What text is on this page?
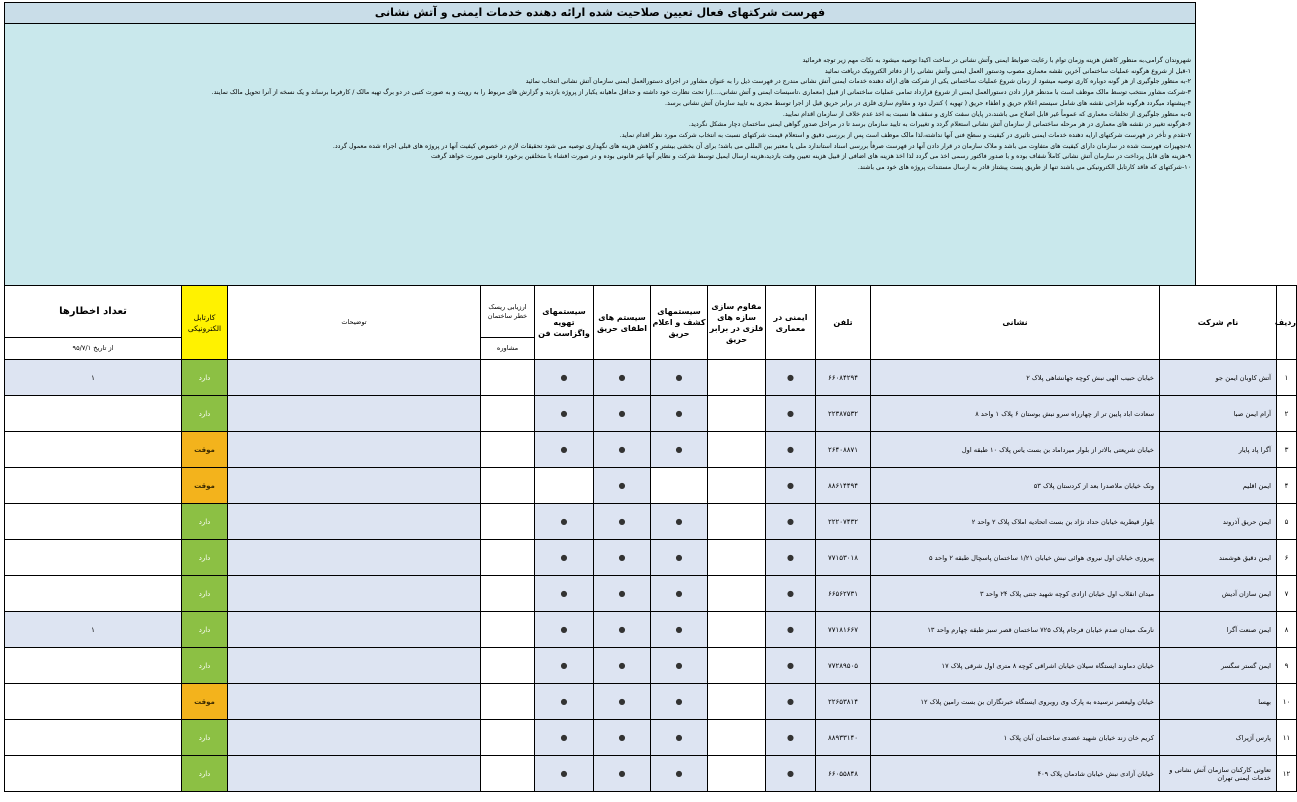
فهرست شرکتهای فعال تعیین صلاحیت شده ارائه دهنده خدمات ایمنی و آتش نشانی
شهروندان گرامی،به منظور کاهش هزینه وزمان توام با رعایت ضوابط ایمنی وآتش نشانی در ساخت اکیدا توصیه میشود به نکات مهم زیر توجه فرمائید
۱-قبل از شروع هرگونه عملیات ساختمانی آخرین نقشه معماری مصوب ودستور العمل ایمنی وآتش نشانی را از دفاتر الکترونیک دریافت نمائید
۲-به منظور جلوگیری از هر گونه دوباره کاری توصیه میشود از زمان شروع عملیات ساختمانی یکی از شرکت های ارائه دهنده خدمات ایمنی آتش نشانی مندرج در فهرست ذیل را به عنوان مشاور در اجرای دستورالعمل ایمنی سازمان آتش نشانی انتخاب نمائید
۳-شرکت مشاور منتخب توسط مالک موظف است با مدنظر قرار دادن دستورالعمل ایمنی از شروع قرارداد تمامی عملیات ساختمانی از قبیل (معماری ،تاسیسات ایمنی و آتش نشانی،...)را تحت نظارت خود داشته و حداقل ماهیانه یکبار از پروژه بازدید و گزارش های مربوط را به رویت و به صورت کتبی در دو برگ تهیه مالک / کارفرما برساند و یک نسخه از آنرا تحویل مالک نمایند.
۴-پیشنهاد میگردد هرگونه طراحی نقشه های شامل سیستم اعلام حریق و اطفاء حریق ( تهویه ) کنترل دود و مقاوم سازی فلزی در برابر حریق قبل از اجرا توسط مجری به تایید سازمان آتش نشانی برسد.
۵-به منظور جلوگیری از تخلفات معماری که عموماً غیر قابل اصلاح می باشند،در پایان سفت کاری و سقف ها نسبت به اخذ عدم خلاف از سازمان اقدام نمایید.
۶-هرگونه تغییر در نقشه های معماری در هر مرحله ساختمانی از سازمان آتش نشانی استعلام گردد و تغییرات به تایید سازمان برسد تا در مراحل صدور گواهی ایمنی ساختمان دچار مشکل نگردید.
۷-تقدم و تأخر در فهرست شرکتهای ارایه دهنده خدمات ایمنی تاثیری در کیفیت و سطح فنی آنها نداشته،لذا مالک موظف است پس از بررسی دقیق و استعلام قیمت شرکتهای نسبت به انتخاب شرکت مورد نظر اقدام نماید.
۸-تجهیزات فهرست شده در سازمان دارای کیفیت های متفاوت می باشد و ملاک سازمان در قرار دادن آنها در فهرست صرفاً بررسی اسناد استاندارد ملی یا معتبر بین المللی می باشد؛ برای آن بخشی بیشتر و کاهش هزینه های نگهداری توصیه می شود تحقیقات لازم در خصوص کیفیت آنها در پروژه های قبلی اجراء شده معمول گردد.
۹-هزینه های قابل پرداخت در سازمان آتش نشانی کاملاً شفاف بوده و با صدور فاکتور رسمی اخذ می گردد لذا اخذ هزینه های اضافی از قبیل هزینه تعیین وقت بازدید،هزینه ارسال ایمیل توسط شرکت و نظایر آنها غیر قانونی بوده و در صورت افشاء با متخلفین برخورد قانونی صورت خواهد گرفت
۱۰-شرکتهای که فاقد کارتابل الکترونیکی می باشند تنها از طریق پست پیشتاز قادر به ارسال مستندات پروژه های خود می باشند.
ردیف	نام شرکت	نشانی	تلفن	ایمنی در معماری	مقاوم سازی سازه های فلزی در برابر حریق	سیستمهای کشف و اعلام حریق	سیستم های اطفای حریق	سیستمهای تهویه واگزاست فن	ارزیابی ریسک خطر ساختمان	توضیحات	کارتابل الکترونیکی	تعداد اخطارها
									مشاوره			از تاریخ ۹۵/۷/۱
۱	آتش کاوبان ایمن جو	خیابان حبیب الهی نبش کوچه جهانشاهی پلاک ۲	۶۶۰۸۴۲۹۴	●		●	●	●			دارد	۱
۲	آرام ایمن صبا	سعادت اباد پایین تر از چهارراه سرو نبش بوستان ۶ پلاک ۱ واحد ۸	۲۲۳۸۷۵۳۲	●		●	●	●			دارد	
۳	آگرا پاد پایار	خیابان شریعتی بالاتر از بلوار میرداماد بن بست یاس پلاک ۱۰ طبقه اول	۲۶۴۰۸۸۷۱	●		●	●	●			موقت	
۴	ایمن اقلیم	ونک خیابان ملاصدرا بعد از کردستان پلاک ۵۳	۸۸۶۱۴۴۹۴	●			●				موقت	
۵	ایمن حریق آذروند	بلوار قیطریه خیابان حداد نژاد بن بست اتحادیه املاک پلاک ۲ واحد ۲	۲۲۲۰۷۴۳۲	●		●	●	●			دارد	
۶	ایمن دقیق هوشمند	پیروزی خیابان اول نیروی هوائی نبش خیابان ۱/۲۱ ساختمان پاسچال طبقه ۲ واحد ۵	۷۷۱۵۳۰۱۸	●		●	●	●			دارد	
۷	ایمن سازان آدیش	میدان انقلاب اول خیابان ازادی کوچه شهید جنتی پلاک ۲۴ واحد ۳	۶۶۵۶۲۷۳۱	●		●	●	●			دارد	
۸	ایمن صنعت آگرا	نارمک میدان صدم خیابان فرجام پلاک ۷۲۵ ساختمان قصر سبز طبقه چهارم واحد ۱۳	۷۷۱۸۱۶۶۷	●		●	●	●			دارد	۱
۹	ایمن گستر سگسر	خیابان دماوند ایستگاه سیلان خیابان اشراقی کوچه ۸ متری اول شرقی پلاک ۱۷	۷۷۲۸۹۵۰۵	●		●	●	●			دارد	
۱۰	بهسا	خیابان ولیعصر نرسیده به پارک وی روبروی ایستگاه خبرنگاران بن بست رامین پلاک ۱۲	۲۲۶۵۳۸۱۴	●		●	●	●			موقت	
۱۱	پارس آژیراک	کریم خان زند خیابان شهید عضدی ساختمان آبان پلاک ۱	۸۸۹۳۳۱۴۰	●		●	●	●			دارد	
۱۲	تعاونی کارکنان سازمان آتش نشانی و خدمات ایمنی تهران	خیابان آزادی نبش خیابان شادمان پلاک ۴۰۹	۶۶۰۵۵۸۴۸	●		●	●	●			دارد	
